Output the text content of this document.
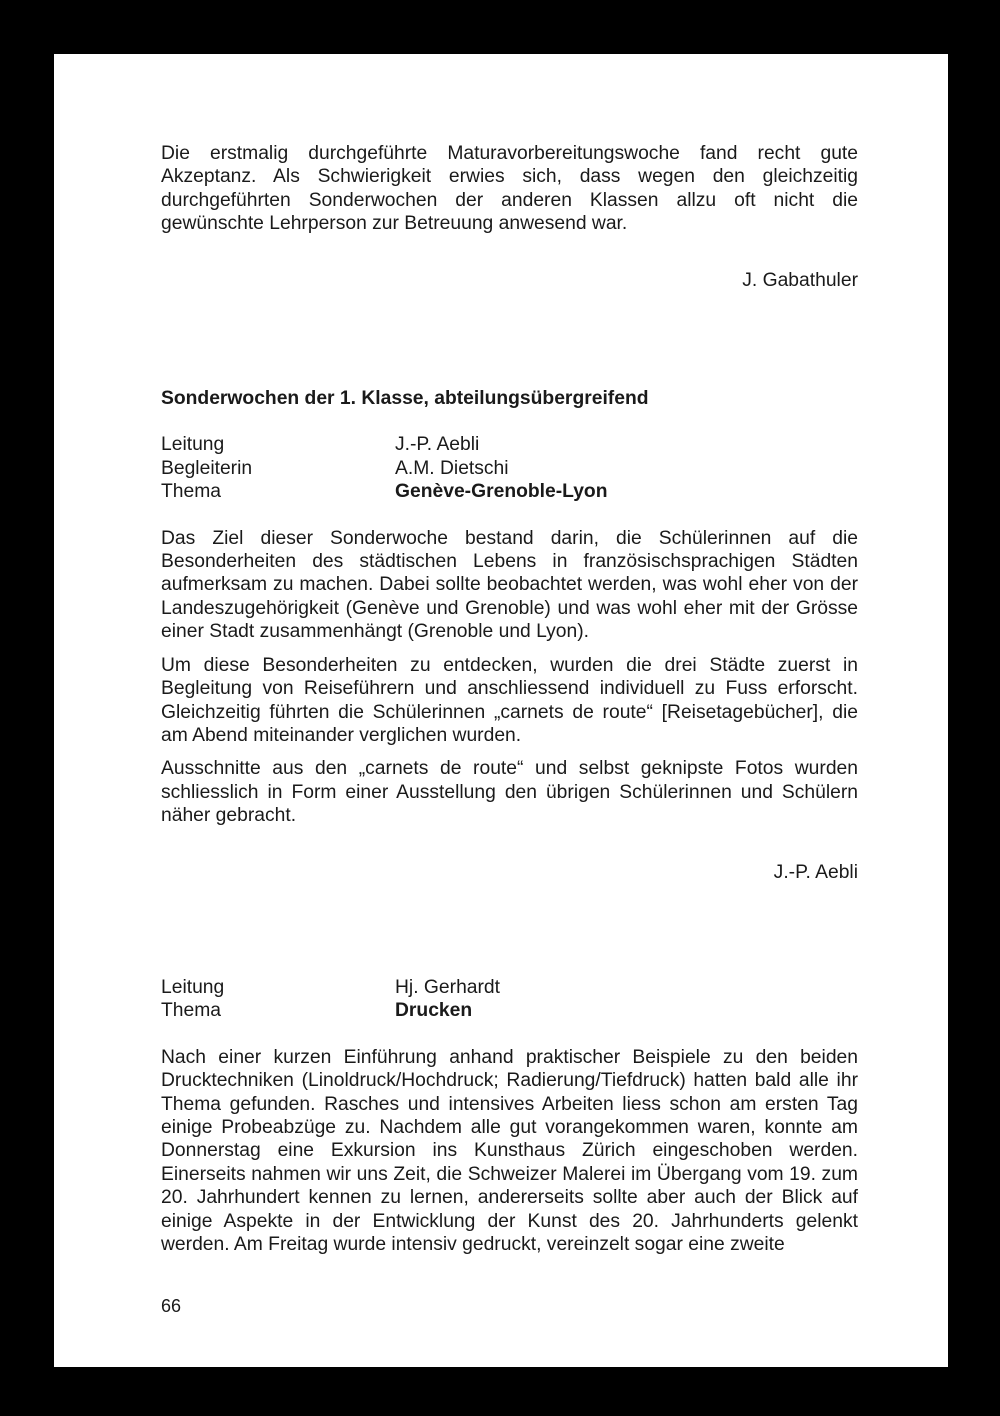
Die erstmalig durchgeführte Maturavorbereitungswoche fand recht gute Akzeptanz. Als Schwierigkeit erwies sich, dass wegen den gleichzeitig durchgeführten Sonderwochen der anderen Klassen allzu oft nicht die gewünschte Lehrperson zur Betreuung anwesend war.

J. Gabathuler

Sonderwochen der 1. Klasse, abteilungsübergreifend

Leitung	J.-P. Aebli
Begleiterin	A.M. Dietschi
Thema	Genève-Grenoble-Lyon

Das Ziel dieser Sonderwoche bestand darin, die Schülerinnen auf die Besonderheiten des städtischen Lebens in französischsprachigen Städten aufmerksam zu machen. Dabei sollte beobachtet werden, was wohl eher von der Landeszugehörigkeit (Genève und Grenoble) und was wohl eher mit der Grösse einer Stadt zusammenhängt (Grenoble und Lyon).

Um diese Besonderheiten zu entdecken, wurden die drei Städte zuerst in Begleitung von Reiseführern und anschliessend individuell zu Fuss erforscht. Gleichzeitig führten die Schülerinnen „carnets de route“ [Reisetagebücher], die am Abend miteinander verglichen wurden.

Ausschnitte aus den „carnets de route“ und selbst geknipste Fotos wurden schliesslich in Form einer Ausstellung den übrigen Schülerinnen und Schülern näher gebracht.

J.-P. Aebli

Leitung	Hj. Gerhardt
Thema	Drucken

Nach einer kurzen Einführung anhand praktischer Beispiele zu den beiden Drucktechniken (Linoldruck/Hochdruck; Radierung/Tiefdruck) hatten bald alle ihr Thema gefunden. Rasches und intensives Arbeiten liess schon am ersten Tag einige Probeabzüge zu. Nachdem alle gut vorangekommen waren, konnte am Donnerstag eine Exkursion ins Kunsthaus Zürich eingeschoben werden. Einerseits nahmen wir uns Zeit, die Schweizer Malerei im Übergang vom 19. zum 20. Jahrhundert kennen zu lernen, andererseits sollte aber auch der Blick auf einige Aspekte in der Entwicklung der Kunst des 20. Jahrhunderts gelenkt werden. Am Freitag wurde intensiv gedruckt, vereinzelt sogar eine zweite

66
